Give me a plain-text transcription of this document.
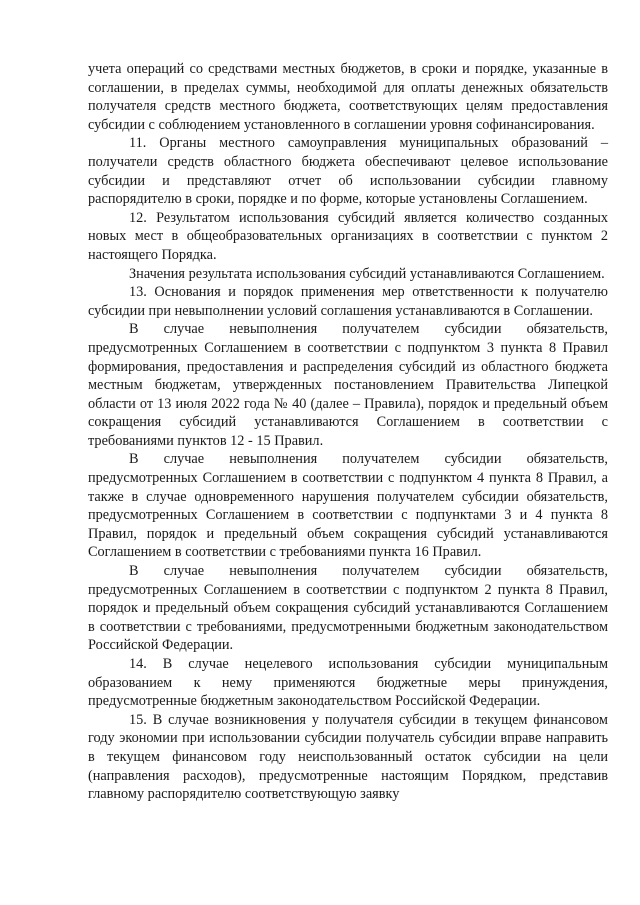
учета операций со средствами местных бюджетов, в сроки и порядке, указанные в соглашении, в пределах суммы, необходимой для оплаты денежных обязательств получателя средств местного бюджета, соответствующих целям предоставления субсидии с соблюдением установленного в соглашении уровня софинансирования.

11. Органы местного самоуправления муниципальных образований – получатели средств областного бюджета обеспечивают целевое использование субсидии и представляют отчет об использовании субсидии главному распорядителю в сроки, порядке и по форме, которые установлены Соглашением.

12. Результатом использования субсидий является количество созданных новых мест в общеобразовательных организациях в соответствии с пунктом 2 настоящего Порядка.

Значения результата использования субсидий устанавливаются Соглашением.

13. Основания и порядок применения мер ответственности к получателю субсидии при невыполнении условий соглашения устанавливаются в Соглашении.

В случае невыполнения получателем субсидии обязательств, предусмотренных Соглашением в соответствии с подпунктом 3 пункта 8 Правил формирования, предоставления и распределения субсидий из областного бюджета местным бюджетам, утвержденных постановлением Правительства Липецкой области от 13 июля 2022 года № 40 (далее – Правила), порядок и предельный объем сокращения субсидий устанавливаются Соглашением в соответствии с требованиями пунктов 12 - 15 Правил.

В случае невыполнения получателем субсидии обязательств, предусмотренных Соглашением в соответствии с подпунктом 4 пункта 8 Правил, а также в случае одновременного нарушения получателем субсидии обязательств, предусмотренных Соглашением в соответствии с подпунктами 3 и 4 пункта 8 Правил, порядок и предельный объем сокращения субсидий устанавливаются Соглашением в соответствии с требованиями пункта 16 Правил.

В случае невыполнения получателем субсидии обязательств, предусмотренных Соглашением в соответствии с подпунктом 2 пункта 8 Правил, порядок и предельный объем сокращения субсидий устанавливаются Соглашением в соответствии с требованиями, предусмотренными бюджетным законодательством Российской Федерации.

14. В случае нецелевого использования субсидии муниципальным образованием к нему применяются бюджетные меры принуждения, предусмотренные бюджетным законодательством Российской Федерации.

15. В случае возникновения у получателя субсидии в текущем финансовом году экономии при использовании субсидии получатель субсидии вправе направить в текущем финансовом году неиспользованный остаток субсидии на цели (направления расходов), предусмотренные настоящим Порядком, представив главному распорядителю соответствующую заявку
